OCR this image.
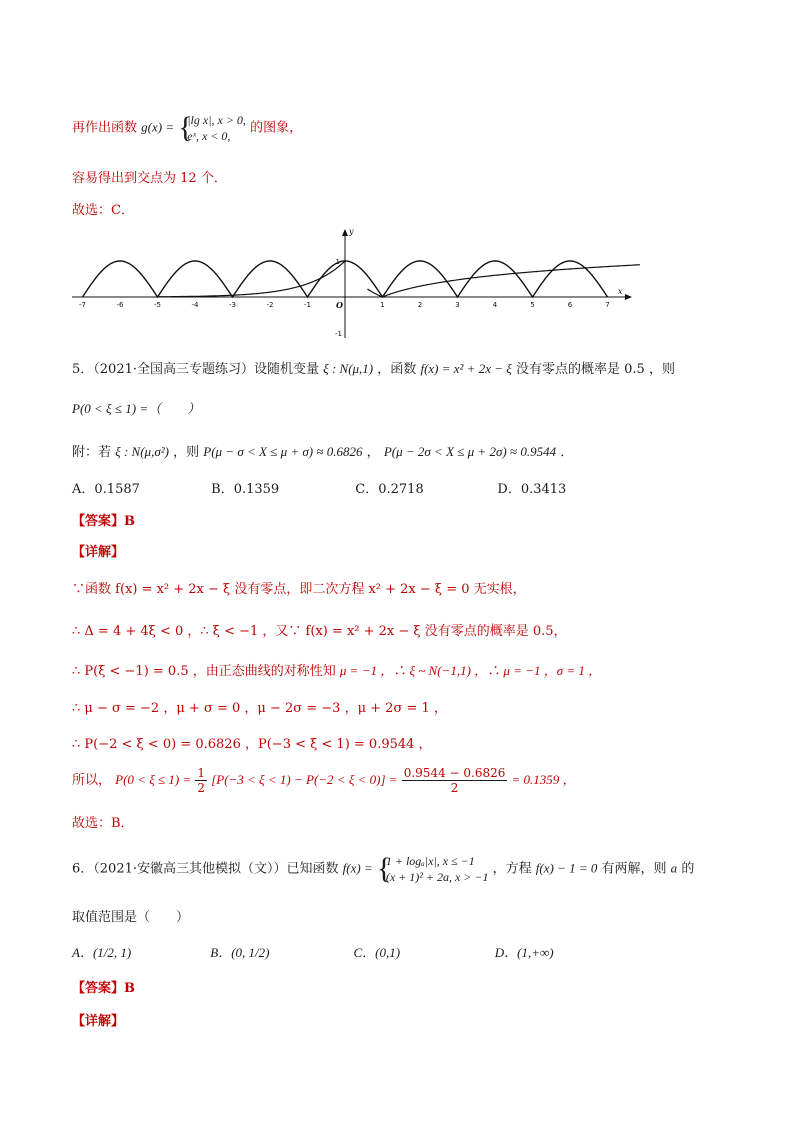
再作出函数 g(x) = {
|lg x|, x > 0,
eˣ, x < 0,
的图象，
容易得出到交点为 12 个．
故选：C．
-7	-6	-5	-4	-3	-2	-1	1	2	3	4	5	6	7
1
-1
O
x
y
5．（2021·全国高三专题练习）设随机变量 ξ : N(μ,1) ，函数 f(x) = x² + 2x − ξ 没有零点的概率是 0.5 ，则
P(0 < ξ ≤ 1) =（　　）
附：若 ξ : N(μ,σ²) ，则 P(μ − σ < X ≤ μ + σ) ≈ 0.6826 ， P(μ − 2σ < X ≤ μ + 2σ) ≈ 0.9544 ．
A．0.1587	B．0.1359	C．0.2718	D．0.3413
【答案】B
【详解】
∵函数 f(x) = x² + 2x − ξ 没有零点，即二次方程 x² + 2x − ξ = 0 无实根，
∴ Δ = 4 + 4ξ < 0 ，∴ ξ < −1 ，又∵ f(x) = x² + 2x − ξ 没有零点的概率是 0.5，
∴ P(ξ < −1) = 0.5 ，由正态曲线的对称性知 μ = −1 ，∴ ξ ~ N(−1,1) ，∴ μ = −1 ，σ = 1 ，
∴ μ − σ = −2 ，μ + σ = 0 ，μ − 2σ = −3 ，μ + 2σ = 1 ，
∴ P(−2 < ξ < 0) = 0.6826 ，P(−3 < ξ < 1) = 0.9544 ，
所以， $P(0 < \xi \le 1) = \frac{1}{2} [P(-3 < \xi < 1) - P(-2 < \xi < 0)] = \frac{0.9544 - 0.6826}{2} = 0.1359$ ，
故选：B．
6．（2021·安徽高三其他模拟（文））已知函数 f(x) = {
1 + logₐ|x|, x ≤ −1
(x + 1)² + 2a, x > −1
，方程 f(x) − 1 = 0 有两解，则 a 的
取值范围是（　　）
A．(1/2, 1)	B．(0, 1/2)	C．(0,1)	D．(1,+∞)
【答案】B
【详解】
